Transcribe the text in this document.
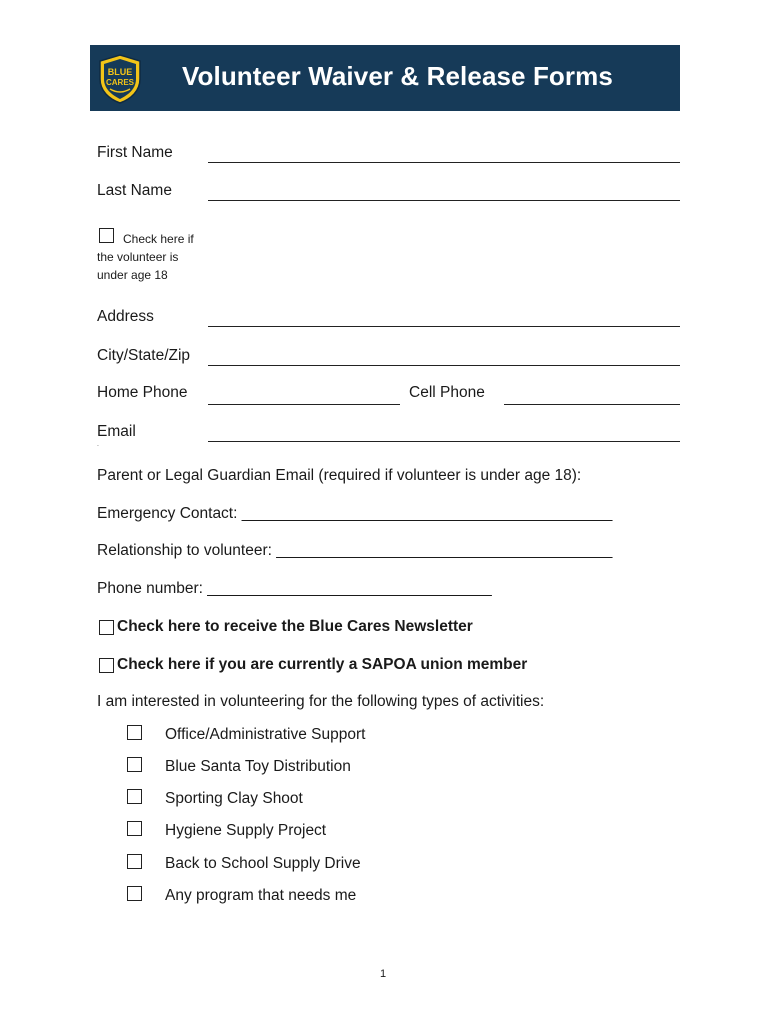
BLUE
CARES Volunteer Waiver & Release Forms
First Name
Last Name
Check here if
the volunteer is
under age 18
Address
City/State/Zip
Home Phone	Cell Phone
Email
˙
Parent or Legal Guardian Email (required if volunteer is under age 18):
Emergency Contact: ___________________________________________
Relationship to volunteer: _______________________________________
Phone number: _________________________________
Check here to receive the Blue Cares Newsletter
Check here if you are currently a SAPOA union member
I am interested in volunteering for the following types of activities:
Office/Administrative Support
Blue Santa Toy Distribution
Sporting Clay Shoot
Hygiene Supply Project
Back to School Supply Drive
Any program that needs me
1
